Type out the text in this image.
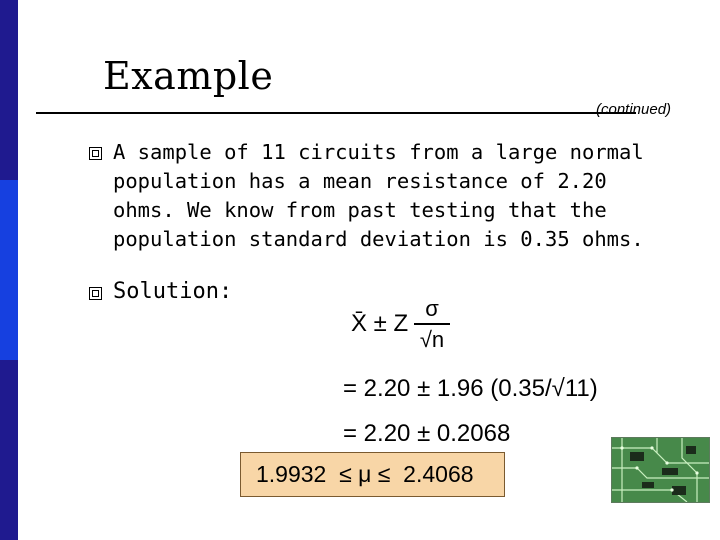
Example
(continued)
A sample of 11 circuits from a large normal
population has a mean resistance of 2.20
ohms. We know from past testing that the
population standard deviation is 0.35 ohms.
Solution:
X̄ ± Z
σ
√n
= 2.20 ± 1.96 (0.35/√11)
= 2.20 ± 0.2068
1.9932  ≤ μ ≤  2.4068
